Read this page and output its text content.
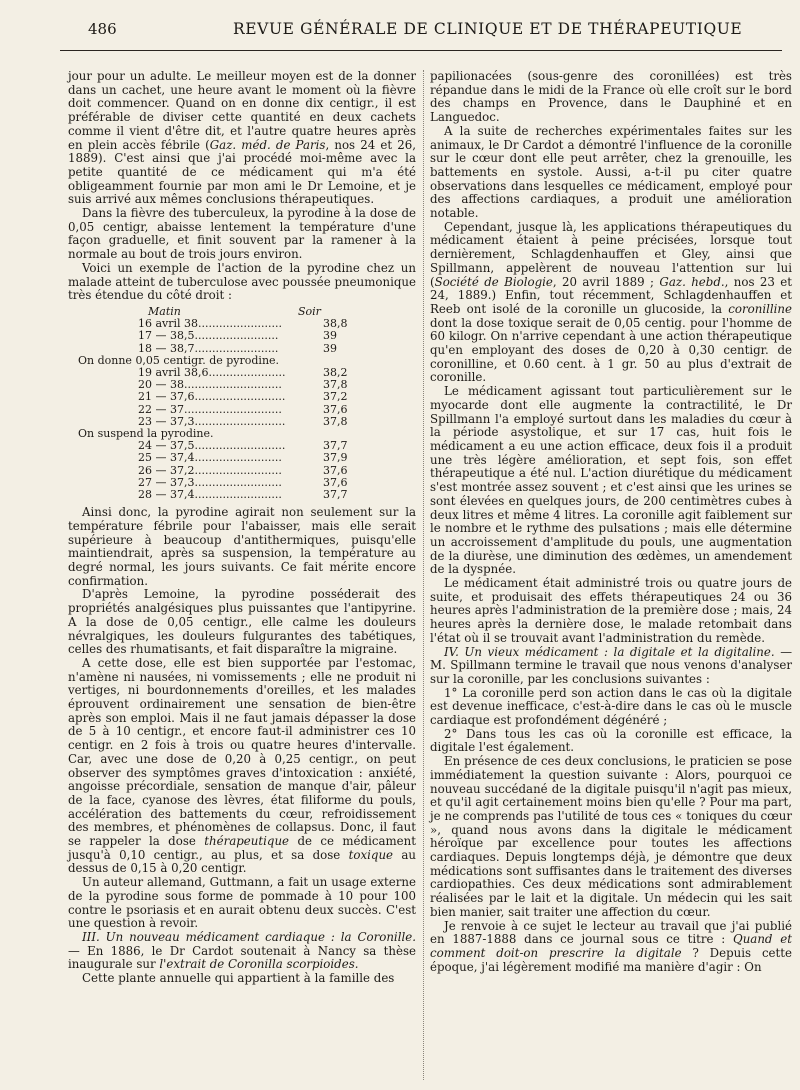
486	REVUE GÉNÉRALE DE CLINIQUE ET DE THÉRAPEUTIQUE

jour pour un adulte. Le meilleur moyen est de la donner dans un cachet, une heure avant le moment où la fièvre doit commencer. Quand on en donne dix centigr., il est préférable de diviser cette quantité en deux cachets comme il vient d'être dit, et l'autre quatre heures après en plein accès fébrile (Gaz. méd. de Paris, nos 24 et 26, 1889). C'est ainsi que j'ai procédé moi-même avec la petite quantité de ce médicament qui m'a été obligeamment fournie par mon ami le Dr Lemoine, et je suis arrivé aux mêmes conclusions thérapeutiques.

Dans la fièvre des tuberculeux, la pyrodine à la dose de 0,05 centigr, abaisse lentement la température d'une façon graduelle, et finit souvent par la ramener à la normale au bout de trois jours environ.

Voici un exemple de l'action de la pyrodine chez un malade atteint de tuberculose avec poussée pneumonique très étendue du côté droit :

Matin	Soir
16 avril 38........................	38,8
17 — 38,5........................	39
18 — 38,7........................	39
On donne 0,05 centigr. de pyrodine.
19 avril 38,6......................	38,2
20 — 38............................	37,8
21 — 37,6..........................	37,2
22 — 37............................	37,6
23 — 37,3..........................	37,8
On suspend la pyrodine.
24 — 37,5..........................	37,7
25 — 37,4.........................	37,9
26 — 37,2.........................	37,6
27 — 37,3.........................	37,6
28 — 37,4.........................	37,7

Ainsi donc, la pyrodine agirait non seulement sur la température fébrile pour l'abaisser, mais elle serait supérieure à beaucoup d'antithermiques, puisqu'elle maintiendrait, après sa suspension, la température au degré normal, les jours suivants. Ce fait mérite encore confirmation.

D'après Lemoine, la pyrodine posséderait des propriétés analgésiques plus puissantes que l'antipyrine. A la dose de 0,05 centigr., elle calme les douleurs névralgiques, les douleurs fulgurantes des tabétiques, celles des rhumatisants, et fait disparaître la migraine.

A cette dose, elle est bien supportée par l'estomac, n'amène ni nausées, ni vomissements ; elle ne produit ni vertiges, ni bourdonnements d'oreilles, et les malades éprouvent ordinairement une sensation de bien-être après son emploi. Mais il ne faut jamais dépasser la dose de 5 à 10 centigr., et encore faut-il administrer ces 10 centigr. en 2 fois à trois ou quatre heures d'intervalle. Car, avec une dose de 0,20 à 0,25 centigr., on peut observer des symptômes graves d'intoxication : anxiété, angoisse précordiale, sensation de manque d'air, pâleur de la face, cyanose des lèvres, état filiforme du pouls, accélération des battements du cœur, refroidissement des membres, et phénomènes de collapsus. Donc, il faut se rappeler la dose thérapeutique de ce médicament jusqu'à 0,10 centigr., au plus, et sa dose toxique au dessus de 0,15 à 0,20 centigr.

Un auteur allemand, Guttmann, a fait un usage externe de la pyrodine sous forme de pommade à 10 pour 100 contre le psoriasis et en aurait obtenu deux succès. C'est une question à revoir.

III. Un nouveau médicament cardiaque : la Coronille. — En 1886, le Dr Cardot soutenait à Nancy sa thèse inaugurale sur l'extrait de Coronilla scorpioides.

Cette plante annuelle qui appartient à la famille des

papilionacées (sous-genre des coronillées) est très répandue dans le midi de la France où elle croît sur le bord des champs en Provence, dans le Dauphiné et en Languedoc.

A la suite de recherches expérimentales faites sur les animaux, le Dr Cardot a démontré l'influence de la coronille sur le cœur dont elle peut arrêter, chez la grenouille, les battements en systole. Aussi, a-t-il pu citer quatre observations dans lesquelles ce médicament, employé pour des affections cardiaques, a produit une amélioration notable.

Cependant, jusque là, les applications thérapeutiques du médicament étaient à peine précisées, lorsque tout dernièrement, Schlagdenhauffen et Gley, ainsi que Spillmann, appelèrent de nouveau l'attention sur lui (Société de Biologie, 20 avril 1889 ; Gaz. hebd., nos 23 et 24, 1889.) Enfin, tout récemment, Schlagdenhauffen et Reeb ont isolé de la coronille un glucoside, la coronilline dont la dose toxique serait de 0,05 centig. pour l'homme de 60 kilogr. On n'arrive cependant à une action thérapeutique qu'en employant des doses de 0,20 à 0,30 centigr. de coronilline, et 0.60 cent. à 1 gr. 50 au plus d'extrait de coronille.

Le médicament agissant tout particulièrement sur le myocarde dont elle augmente la contractilité, le Dr Spillmann l'a employé surtout dans les maladies du cœur à la période asystolique, et sur 17 cas, huit fois le médicament a eu une action efficace, deux fois il a produit une très légère amélioration, et sept fois, son effet thérapeutique a été nul. L'action diurétique du médicament s'est montrée assez souvent ; et c'est ainsi que les urines se sont élevées en quelques jours, de 200 centimètres cubes à deux litres et même 4 litres. La coronille agit faiblement sur le nombre et le rythme des pulsations ; mais elle détermine un accroissement d'amplitude du pouls, une augmentation de la diurèse, une diminution des œdèmes, un amendement de la dyspnée.

Le médicament était administré trois ou quatre jours de suite, et produisait des effets thérapeutiques 24 ou 36 heures après l'administration de la première dose ; mais, 24 heures après la dernière dose, le malade retombait dans l'état où il se trouvait avant l'administration du remède.

IV. Un vieux médicament : la digitale et la digitaline. — M. Spillmann termine le travail que nous venons d'analyser sur la coronille, par les conclusions suivantes :

1° La coronille perd son action dans le cas où la digitale est devenue inefficace, c'est-à-dire dans le cas où le muscle cardiaque est profondément dégénéré ;

2° Dans tous les cas où la coronille est efficace, la digitale l'est également.

En présence de ces deux conclusions, le praticien se pose immédiatement la question suivante : Alors, pourquoi ce nouveau succédané de la digitale puisqu'il n'agit pas mieux, et qu'il agit certainement moins bien qu'elle ? Pour ma part, je ne comprends pas l'utilité de tous ces « toniques du cœur », quand nous avons dans la digitale le médicament héroïque par excellence pour toutes les affections cardiaques. Depuis longtemps déjà, je démontre que deux médications sont suffisantes dans le traitement des diverses cardiopathies. Ces deux médications sont admirablement réalisées par le lait et la digitale. Un médecin qui les sait bien manier, sait traiter une affection du cœur.

Je renvoie à ce sujet le lecteur au travail que j'ai publié en 1887-1888 dans ce journal sous ce titre : Quand et comment doit-on prescrire la digitale ? Depuis cette époque, j'ai légèrement modifié ma manière d'agir : On
